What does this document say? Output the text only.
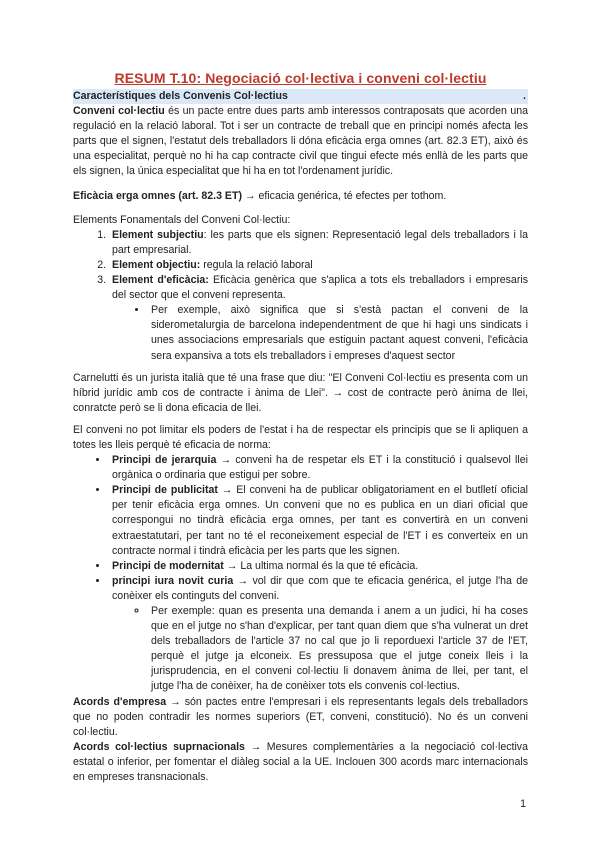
RESUM T.10: Negociació col·lectiva i conveni col·lectiu
Característiques dels Convenis Col·lectius	.

Conveni col·lectiu és un pacte entre dues parts amb interessos contraposats que acorden una regulació en la relació laboral. Tot i ser un contracte de treball que en principi només afecta les parts que el signen, l'estatut dels treballadors li dóna eficàcia erga omnes (art. 82.3 ET), això és una especialitat, perquè no hi ha cap contracte civil que tingui efecte més enllà de les parts que els signen, la única especialitat que hi ha en tot l'ordenament jurídic.

Eficàcia erga omnes (art. 82.3 ET) → eficacia genérica, té efectes per tothom.

Elements Fonamentals del Conveni Col·lectiu:

1. Element subjectiu: les parts que els signen: Representació legal dels treballadors i la part empresarial.
2. Element objectiu: regula la relació laboral
3. Element d'eficàcia: Eficàcia genèrica que s'aplica a tots els treballadors i empresaris del sector que el conveni representa.
• Per exemple, això significa que si s'està pactan el conveni de la siderometalurgia de barcelona independentment de que hi hagi uns sindicats i unes associacions empresarials que estiguin pactant aquest conveni, l'eficàcia sera expansiva a tots els treballadors i empreses d'aquest sector

Carnelutti és un jurista italià que té una frase que diu: "El Conveni Col·lectiu es presenta com un híbrid jurídic amb cos de contracte i ànima de Llei". → cost de contracte però ànima de llei, conratcte però se li dona eficacia de llei.

El conveni no pot limitar els poders de l'estat i ha de respectar els principis que se li apliquen a totes les lleis perquè té eficacia de norma:

• Principi de jerarquia → conveni ha de respetar els ET i la constitució i qualsevol llei orgànica o ordinaria que estigui per sobre.
• Principi de publicitat → El conveni ha de publicar obligatoriament en el butlletí oficial per tenir eficàcia erga omnes. Un conveni que no es publica en un diari oficial que correspongui no tindrà eficàcia erga omnes, per tant es convertirà en un conveni extraestatutari, per tant no té el reconeixement especial de l'ET i es converteix en un contracte normal i tindrà eficàcia per les parts que les signen.
• Principi de modernitat → La ultima normal és la que té eficàcia.
• principi iura novit curia → vol dir que com que te eficacia genérica, el jutge l'ha de conèixer els continguts del conveni.
◦ Per exemple: quan es presenta una demanda i anem a un judici, hi ha coses que en el jutge no s'han d'explicar, per tant quan diem que s'ha vulnerat un dret dels treballadors de l'article 37 no cal que jo li reporduexi l'article 37 de l'ET, perquè el jutge ja elconeix. Es pressuposa que el jutge coneix lleis i la jurisprudencia, en el conveni col·lectiu li donavem ànima de llei, per tant, el jutge l'ha de conèixer, ha de conèixer tots els convenis col·lectius.

Acords d'empresa → són pactes entre l'empresari i els representants legals dels treballadors que no poden contradir les normes superiors (ET, conveni, constitució). No és un conveni col·lectiu.

Acords col·lectius suprnacionals → Mesures complementàries a la negociació col·lectiva estatal o inferior, per fomentar el diàleg social a la UE. Inclouen 300 acords marc internacionals en empreses transnacionals.

1
